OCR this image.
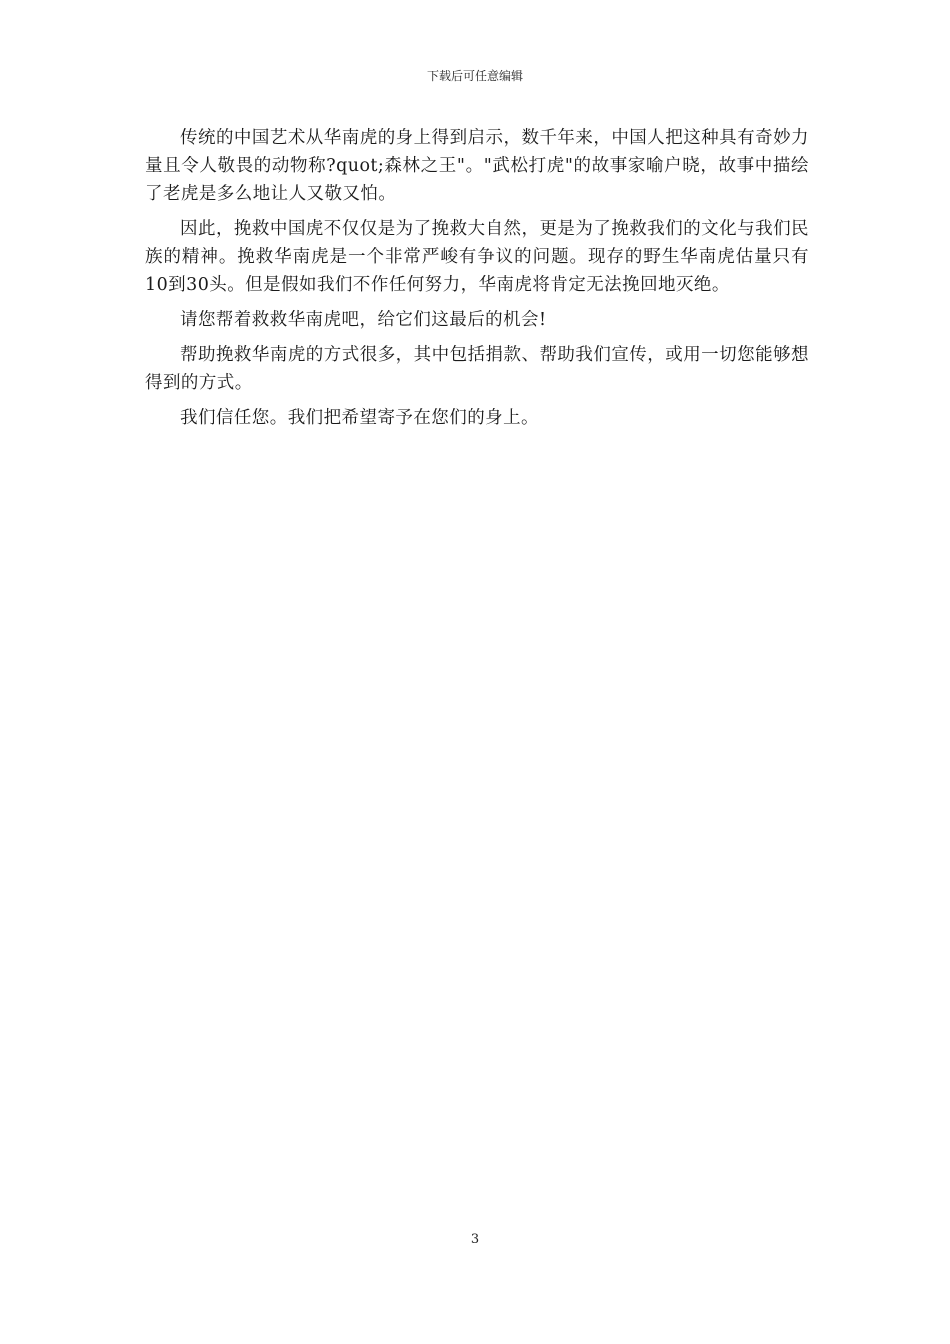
下载后可任意编辑

传统的中国艺术从华南虎的身上得到启示，数千年来，中国人把这种具有奇妙力量且令人敬畏的动物称?quot;森林之王"。"武松打虎"的故事家喻户晓，故事中描绘了老虎是多么地让人又敬又怕。

因此，挽救中国虎不仅仅是为了挽救大自然，更是为了挽救我们的文化与我们民族的精神。挽救华南虎是一个非常严峻有争议的问题。现存的野生华南虎估量只有10到30头。但是假如我们不作任何努力，华南虎将肯定无法挽回地灭绝。

请您帮着救救华南虎吧，给它们这最后的机会!

帮助挽救华南虎的方式很多，其中包括捐款、帮助我们宣传，或用一切您能够想得到的方式。

我们信任您。我们把希望寄予在您们的身上。

3
